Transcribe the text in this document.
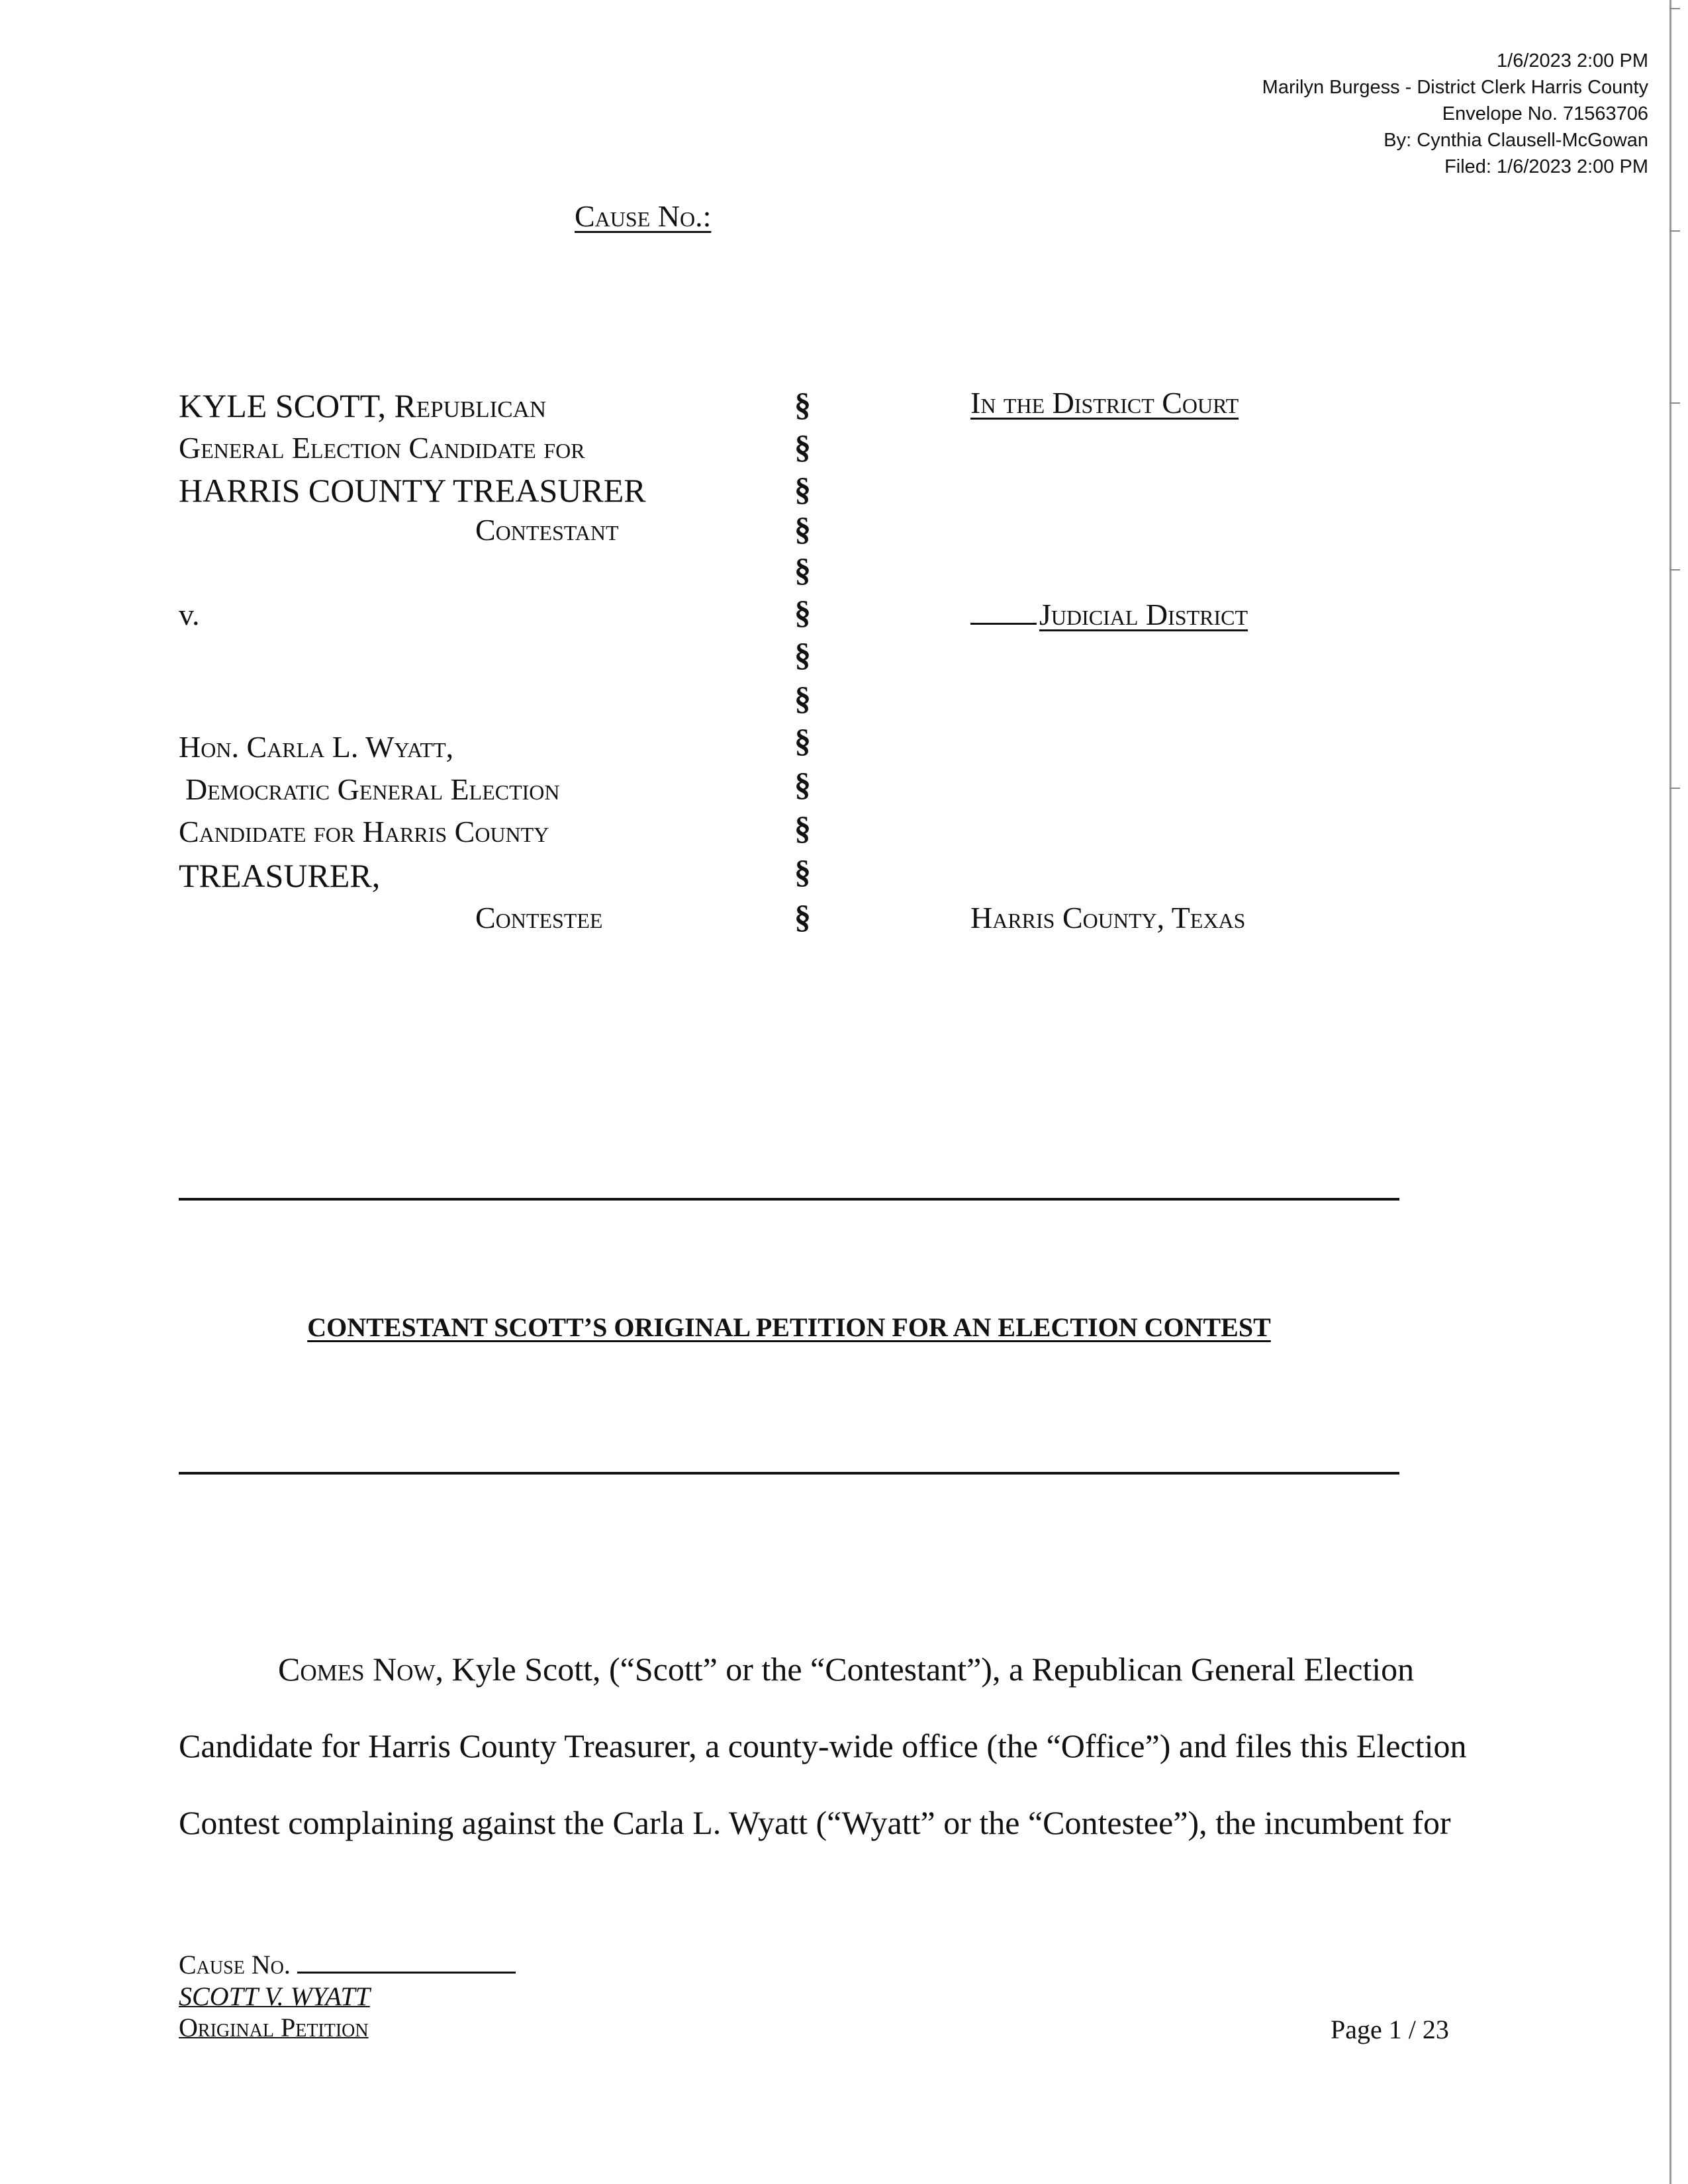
1/6/2023 2:00 PM
Marilyn Burgess - District Clerk Harris County
Envelope No. 71563706
By: Cynthia Clausell-McGowan
Filed: 1/6/2023 2:00 PM
Cause No.:
KYLE SCOTT, Republican
General Election Candidate for
HARRIS COUNTY TREASURER
Contestant
v.
Hon. Carla L. Wyatt,
Democratic General Election
Candidate for Harris County
TREASURER,
Contestee
§
§
§
§
§
§
§
§
§
§
§
§
§
In the District Court
Judicial District
Harris County, Texas
CONTESTANT SCOTT’S ORIGINAL PETITION FOR AN ELECTION CONTEST
Comes Now, Kyle Scott, (“Scott” or the “Contestant”), a Republican General Election
Candidate for Harris County Treasurer, a county-wide office (the “Office”) and files this Election
Contest complaining against the Carla L. Wyatt (“Wyatt” or the “Contestee”), the incumbent for
Cause No.
SCOTT V. WYATT
Original Petition	Page 1 / 23
